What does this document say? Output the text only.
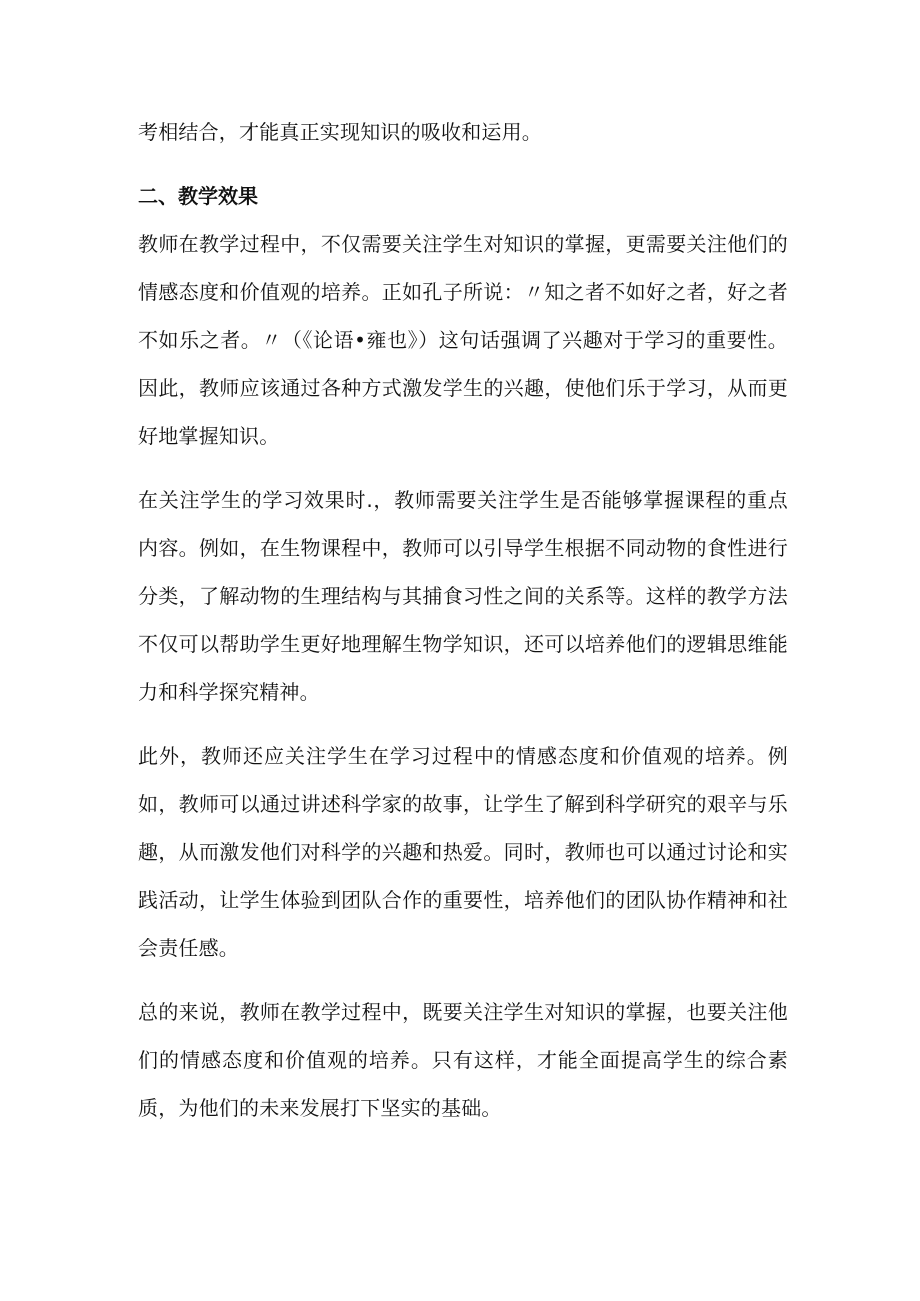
考相结合，才能真正实现知识的吸收和运用。

二、教学效果

教师在教学过程中，不仅需要关注学生对知识的掌握，更需要关注他们的情感态度和价值观的培养。正如孔子所说：〃知之者不如好之者，好之者不如乐之者。〃（《论语•雍也》）这句话强调了兴趣对于学习的重要性。因此，教师应该通过各种方式激发学生的兴趣，使他们乐于学习，从而更好地掌握知识。

在关注学生的学习效果时.，教师需要关注学生是否能够掌握课程的重点内容。例如，在生物课程中，教师可以引导学生根据不同动物的食性进行分类，了解动物的生理结构与其捕食习性之间的关系等。这样的教学方法不仅可以帮助学生更好地理解生物学知识，还可以培养他们的逻辑思维能力和科学探究精神。

此外，教师还应关注学生在学习过程中的情感态度和价值观的培养。例如，教师可以通过讲述科学家的故事，让学生了解到科学研究的艰辛与乐趣，从而激发他们对科学的兴趣和热爱。同时，教师也可以通过讨论和实践活动，让学生体验到团队合作的重要性，培养他们的团队协作精神和社会责任感。

总的来说，教师在教学过程中，既要关注学生对知识的掌握，也要关注他们的情感态度和价值观的培养。只有这样，才能全面提高学生的综合素质，为他们的未来发展打下坚实的基础。
